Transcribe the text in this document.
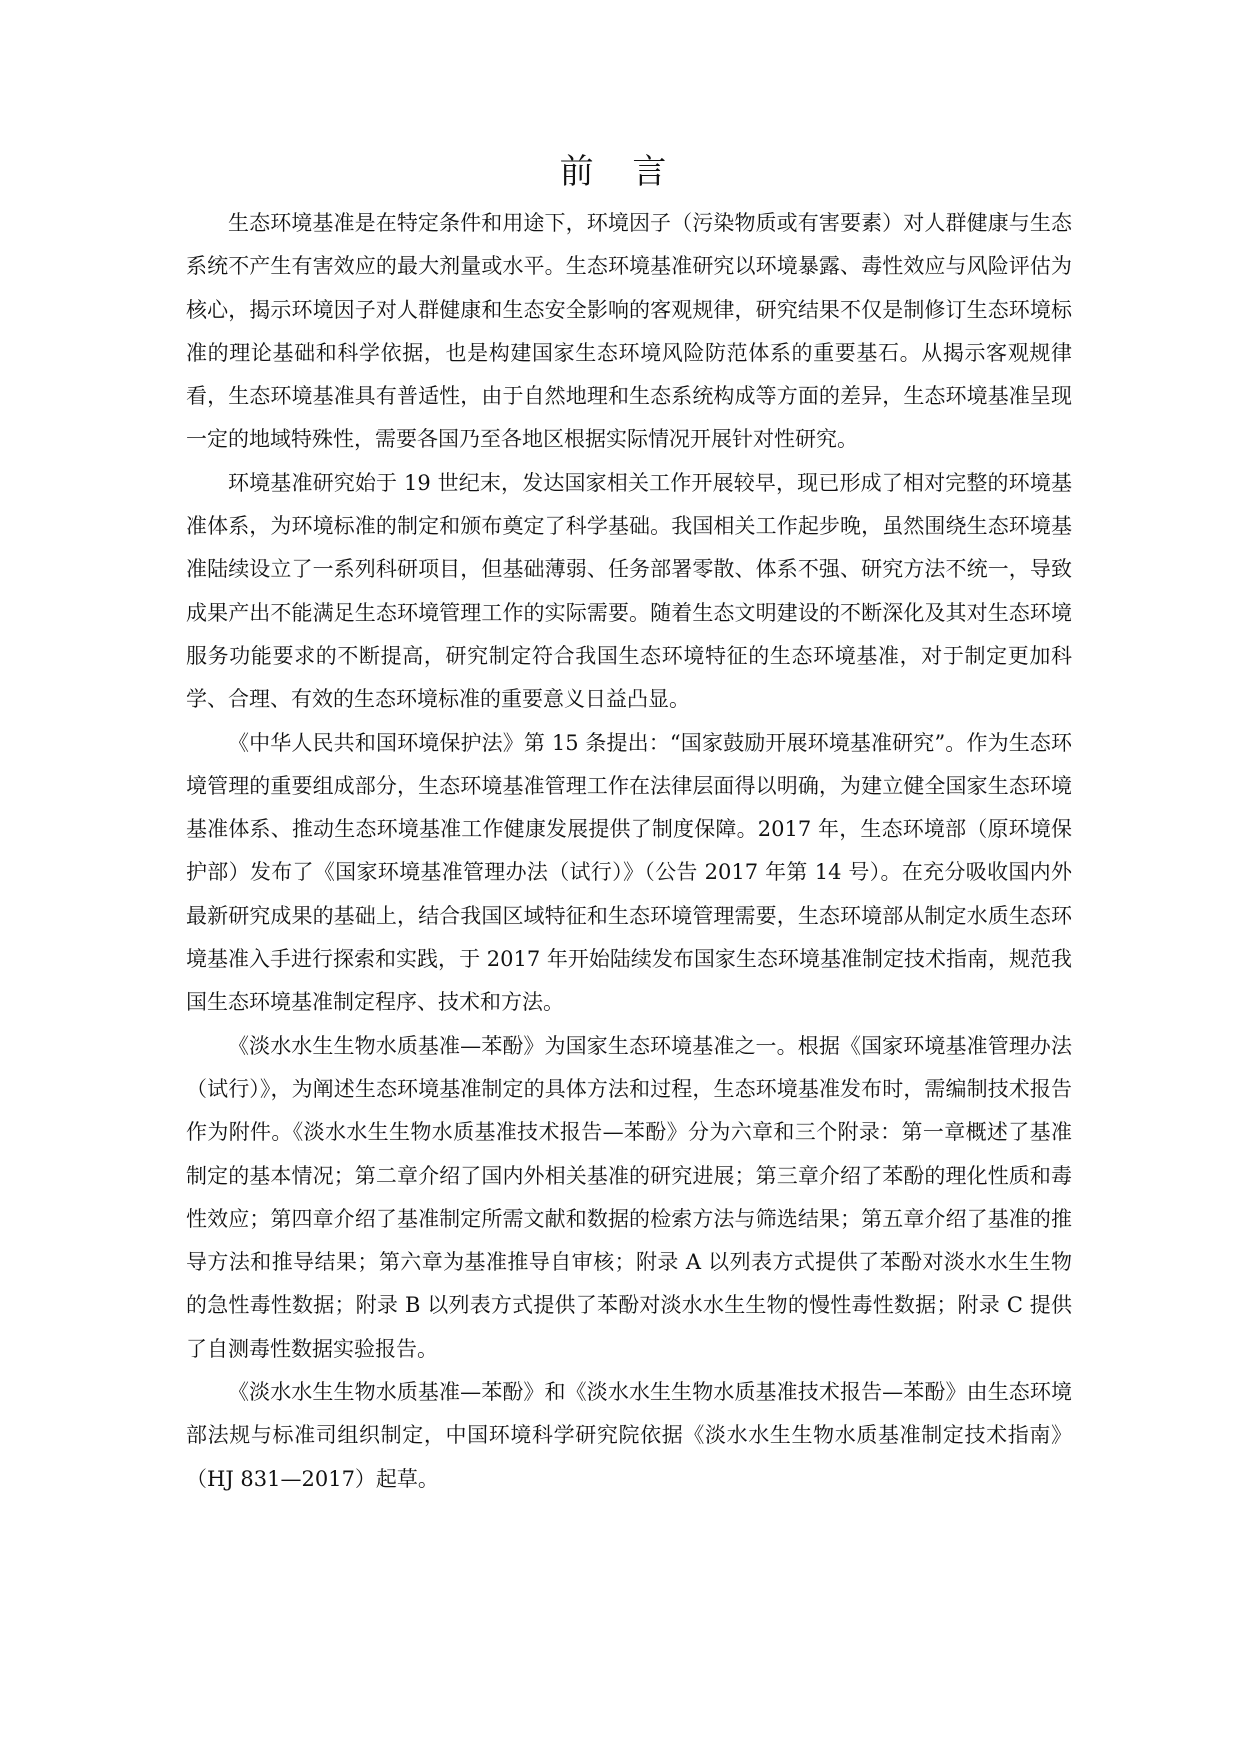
前 言

生态环境基准是在特定条件和用途下，环境因子（污染物质或有害要素）对人群健康与生态系统不产生有害效应的最大剂量或水平。生态环境基准研究以环境暴露、毒性效应与风险评估为核心，揭示环境因子对人群健康和生态安全影响的客观规律，研究结果不仅是制修订生态环境标准的理论基础和科学依据，也是构建国家生态环境风险防范体系的重要基石。从揭示客观规律看，生态环境基准具有普适性，由于自然地理和生态系统构成等方面的差异，生态环境基准呈现一定的地域特殊性，需要各国乃至各地区根据实际情况开展针对性研究。

环境基准研究始于 19 世纪末，发达国家相关工作开展较早，现已形成了相对完整的环境基准体系，为环境标准的制定和颁布奠定了科学基础。我国相关工作起步晚，虽然围绕生态环境基准陆续设立了一系列科研项目，但基础薄弱、任务部署零散、体系不强、研究方法不统一，导致成果产出不能满足生态环境管理工作的实际需要。随着生态文明建设的不断深化及其对生态环境服务功能要求的不断提高，研究制定符合我国生态环境特征的生态环境基准，对于制定更加科学、合理、有效的生态环境标准的重要意义日益凸显。

《中华人民共和国环境保护法》第 15 条提出：“国家鼓励开展环境基准研究”。作为生态环境管理的重要组成部分，生态环境基准管理工作在法律层面得以明确，为建立健全国家生态环境基准体系、推动生态环境基准工作健康发展提供了制度保障。2017 年，生态环境部（原环境保护部）发布了《国家环境基准管理办法（试行）》（公告 2017 年第 14 号）。在充分吸收国内外最新研究成果的基础上，结合我国区域特征和生态环境管理需要，生态环境部从制定水质生态环境基准入手进行探索和实践，于 2017 年开始陆续发布国家生态环境基准制定技术指南，规范我国生态环境基准制定程序、技术和方法。

《淡水水生生物水质基准—苯酚》为国家生态环境基准之一。根据《国家环境基准管理办法（试行）》，为阐述生态环境基准制定的具体方法和过程，生态环境基准发布时，需编制技术报告作为附件。《淡水水生生物水质基准技术报告—苯酚》分为六章和三个附录：第一章概述了基准制定的基本情况；第二章介绍了国内外相关基准的研究进展；第三章介绍了苯酚的理化性质和毒性效应；第四章介绍了基准制定所需文献和数据的检索方法与筛选结果；第五章介绍了基准的推导方法和推导结果；第六章为基准推导自审核；附录 A 以列表方式提供了苯酚对淡水水生生物的急性毒性数据；附录 B 以列表方式提供了苯酚对淡水水生生物的慢性毒性数据；附录 C 提供了自测毒性数据实验报告。

《淡水水生生物水质基准—苯酚》和《淡水水生生物水质基准技术报告—苯酚》由生态环境部法规与标准司组织制定，中国环境科学研究院依据《淡水水生生物水质基准制定技术指南》（HJ 831—2017）起草。
